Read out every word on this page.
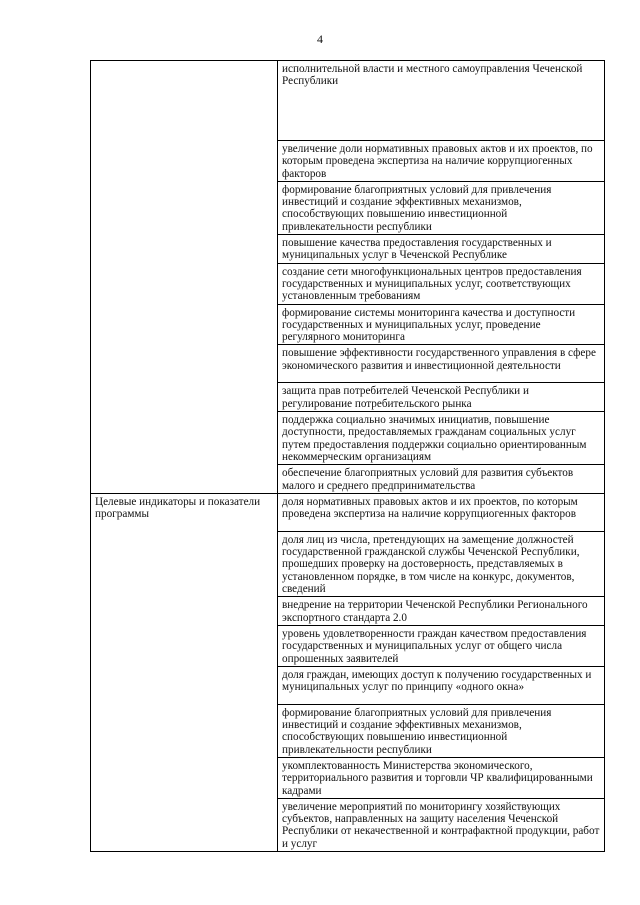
4
	исполнительной власти и местного самоуправления Чеченской Республики
	увеличение доли нормативных правовых актов и их проектов, по которым проведена экспертиза на наличие коррупциогенных факторов
	формирование благоприятных условий для привлечения инвестиций и создание эффективных механизмов, способствующих повышению инвестиционной привлекательности республики
	повышение качества предоставления государственных и муниципальных услуг в Чеченской Республике
	создание сети многофункциональных центров предоставления государственных и муниципальных услуг, соответствующих установленным требованиям
	формирование системы мониторинга качества и доступности государственных и муниципальных услуг, проведение регулярного мониторинга
	повышение эффективности государственного управления в сфере экономического развития и инвестиционной деятельности
	защита прав потребителей Чеченской Республики и регулирование потребительского рынка
	поддержка социально значимых инициатив, повышение доступности, предоставляемых гражданам социальных услуг путем предоставления поддержки социально ориентированным некоммерческим организациям
	обеспечение благоприятных условий для развития субъектов малого и среднего предпринимательства
Целевые индикаторы и показатели программы	доля нормативных правовых актов и их проектов, по которым проведена экспертиза на наличие коррупциогенных факторов
	доля лиц из числа, претендующих на замещение должностей государственной гражданской службы Чеченской Республики, прошедших проверку на достоверность, представляемых в установленном порядке, в том числе на конкурс, документов, сведений
	внедрение на территории Чеченской Республики Регионального экспортного стандарта 2.0
	уровень удовлетворенности граждан качеством предоставления государственных и муниципальных услуг от общего числа опрошенных заявителей
	доля граждан, имеющих доступ к получению государственных и муниципальных услуг по принципу «одного окна»
	формирование благоприятных условий для привлечения инвестиций и создание эффективных механизмов, способствующих повышению инвестиционной привлекательности республики
	укомплектованность Министерства экономического, территориального развития и торговли ЧР квалифицированными кадрами
	увеличение мероприятий по мониторингу хозяйствующих субъектов, направленных на защиту населения Чеченской Республики от некачественной и контрафактной продукции, работ и услуг
